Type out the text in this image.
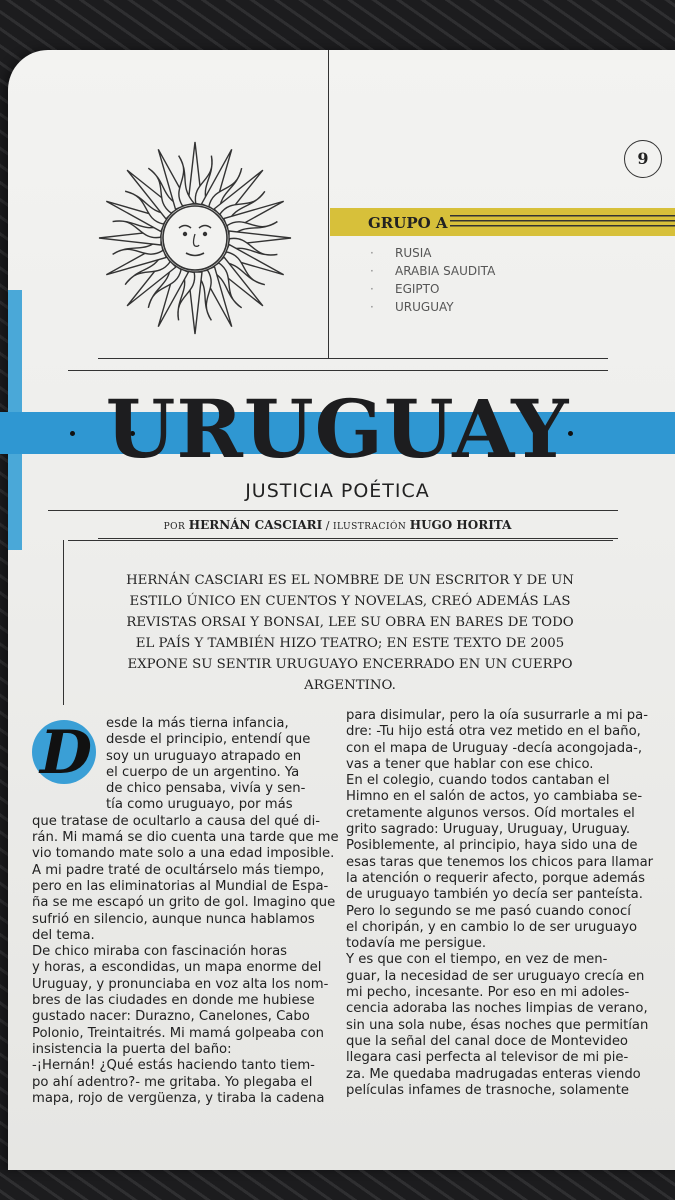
9
GRUPO A
· RUSIA
· ARABIA SAUDITA
· EGIPTO
· URUGUAY
URUGUAY
JUSTICIA POÉTICA
POR HERNÁN CASCIARI / ILUSTRACIÓN HUGO HORITA
HERNÁN CASCIARI ES EL NOMBRE DE UN ESCRITOR Y DE UN ESTILO ÚNICO EN CUENTOS Y NOVELAS, CREÓ ADEMÁS LAS REVISTAS ORSAI Y BONSAI, LEE SU OBRA EN BARES DE TODO EL PAÍS Y TAMBIÉN HIZO TEATRO; EN ESTE TEXTO DE 2005 EXPONE SU SENTIR URUGUAYO ENCERRADO EN UN CUERPO ARGENTINO.
D esde la más tierna infancia,

desde el principio, entendí que

soy un uruguayo atrapado en

el cuerpo de un argentino. Ya

de chico pensaba, vivía y sen-

tía como uruguayo, por más

que tratase de ocultarlo a causa del qué di-

rán. Mi mamá se dio cuenta una tarde que me

vio tomando mate solo a una edad imposible.

A mi padre traté de ocultárselo más tiempo,

pero en las eliminatorias al Mundial de Espa-

ña se me escapó un grito de gol. Imagino que

sufrió en silencio, aunque nunca hablamos

del tema.

De chico miraba con fascinación horas

y horas, a escondidas, un mapa enorme del

Uruguay, y pronunciaba en voz alta los nom-

bres de las ciudades en donde me hubiese

gustado nacer: Durazno, Canelones, Cabo

Polonio, Treintaitrés. Mi mamá golpeaba con

insistencia la puerta del baño:

-¡Hernán! ¿Qué estás haciendo tanto tiem-

po ahí adentro?- me gritaba. Yo plegaba el

mapa, rojo de vergüenza, y tiraba la cadena

para disimular, pero la oía susurrarle a mi pa-

dre: -Tu hijo está otra vez metido en el baño,

con el mapa de Uruguay -decía acongojada-,

vas a tener que hablar con ese chico.

En el colegio, cuando todos cantaban el

Himno en el salón de actos, yo cambiaba se-

cretamente algunos versos. Oíd mortales el

grito sagrado: Uruguay, Uruguay, Uruguay.

Posiblemente, al principio, haya sido una de

esas taras que tenemos los chicos para llamar

la atención o requerir afecto, porque además

de uruguayo también yo decía ser panteísta.

Pero lo segundo se me pasó cuando conocí

el choripán, y en cambio lo de ser uruguayo

todavía me persigue.

Y es que con el tiempo, en vez de men-

guar, la necesidad de ser uruguayo crecía en

mi pecho, incesante. Por eso en mi adoles-

cencia adoraba las noches limpias de verano,

sin una sola nube, ésas noches que permitían

que la señal del canal doce de Montevideo

llegara casi perfecta al televisor de mi pie-

za. Me quedaba madrugadas enteras viendo

películas infames de trasnoche, solamente
